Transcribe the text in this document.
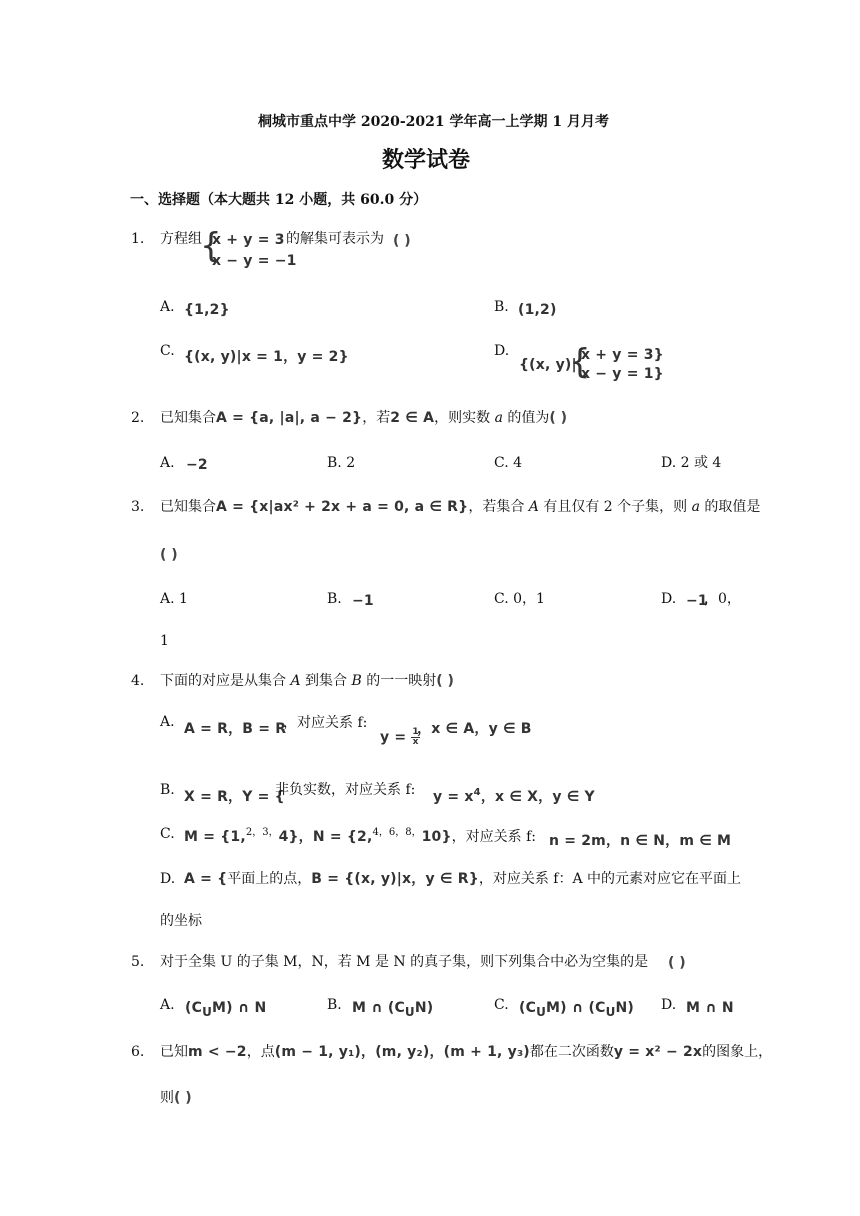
桐城市重点中学 2020-2021 学年高一上学期 1 月月考
数学试卷
一、选择题（本大题共 12 小题，共 60.0 分）
1. 方程组
{
x + y = 3
x − y = −1
的解集可表示为 ( )
A. {1,2}	B. (1,2)
C. {(x, y)|x = 1，y = 2}	D.
{(x, y)|
{
x + y = 3}
x − y = 1}
2. 已知集合A = {a, |a|, a − 2}，若2 ∈ A，则实数 a 的值为( )
A. −2	B. 2	C. 4	D. 2 或 4
3. 已知集合A = {x|ax² + 2x + a = 0, a ∈ R}，若集合 A 有且仅有 2 个子集，则 a 的取值是
( )
A. 1	B. −1	C. 0，1	D. −1
，0，
1
4. 下面的对应是从集合 A 到集合 B 的一一映射( )
A. A = R，B = R
，对应关系 f:
$y = \frac{1}{x}$
，x ∈ A，y ∈ B
B. X = R，Y = {
非负实数，对应关系 f: $y = x^4$，x ∈ X，y ∈ Y
C. M = {1,$^{2,3,}$4}，N = {2,$^{4,6,8,}$10}，对应关系 f: n = 2m，n ∈ N，m ∈ M
D. A = {平面上的点，B = {(x, y)|x，y ∈ R}，对应关系 f：A 中的元素对应它在平面上
的坐标
5. 对于全集 U 的子集 M，N，若 M 是 N 的真子集，则下列集合中必为空集的是 ( )
A. $(C_UM)$ ∩ N	B. M ∩ $(C_UN)$	C. $(C_UM)$ ∩ $(C_UN)$ D. M ∩ N
6. 已知m < −2，点(m − 1, y₁)，(m, y₂)，(m + 1, y₃)都在二次函数y = x² − 2x的图象上，
则( )
